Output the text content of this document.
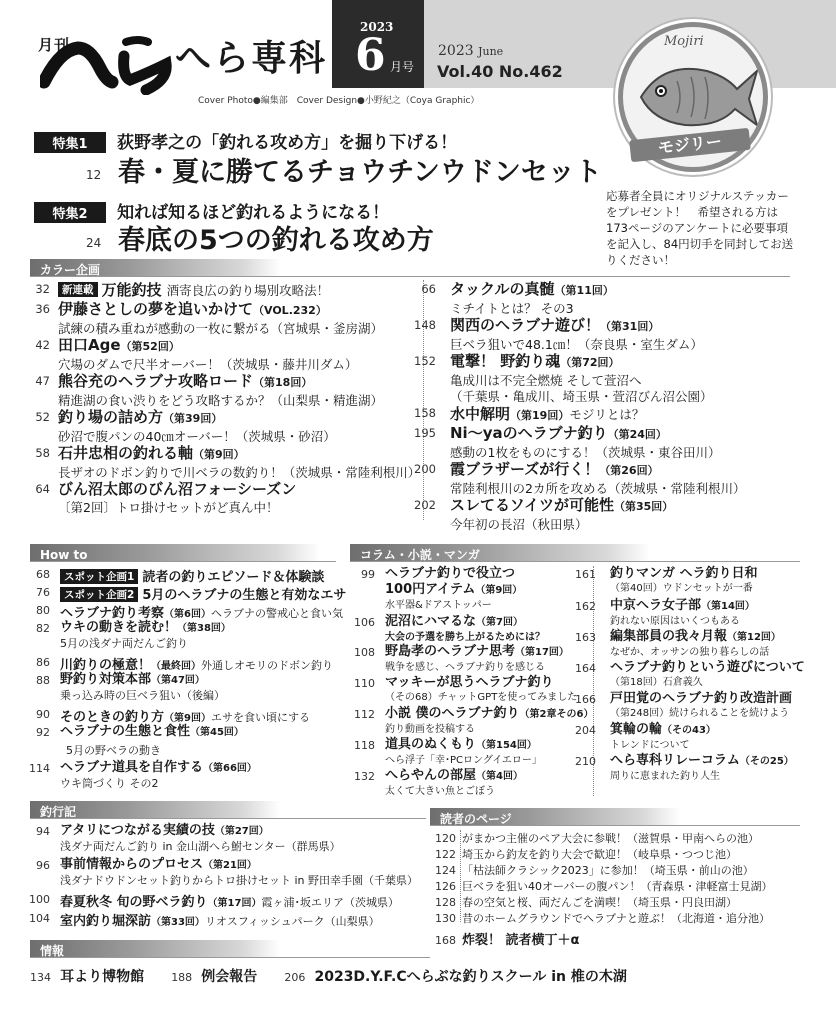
月刊	へら専科
Cover Photo●編集部　Cover Design●小野紀之（Coya Graphic）
2023
6 月号
2023 June
Vol.40 No.462
Mojiri
モジリー
応募者全員にオリジナルステッカーをプレゼント！　希望される方は173ページのアンケートに必要事項を記入し、84円切手を同封してお送りください！
特集1 荻野孝之の「釣れる攻め方」を掘り下げる！
12 春・夏に勝てるチョウチンウドンセット
特集2 知れば知るほど釣れるようになる！
24 春底の5つの釣れる攻め方
カラー企画
32	新連載 万能釣技 酒寄良広の釣り場別攻略法！
36 伊藤さとしの夢を追いかけて（VOL.232）
試練の積み重ねが感動の一枚に繋がる（宮城県・釜房湖）
42 田口Age（第52回）
穴場のダムで尺半オーバー！（茨城県・藤井川ダム）
47 熊谷充のヘラブナ攻略ロード（第18回）
精進湖の食い渋りをどう攻略するか？（山梨県・精進湖）
52 釣り場の詰め方（第39回）
砂沼で腹パンの40㎝オーバー！（茨城県・砂沼）
58 石井忠相の釣れる軸（第9回）
長ザオのドボン釣りで川ベラの数釣り！（茨城県・常陸利根川）
64 びん沼太郎のびん沼フォーシーズン
〔第2回〕トロ掛けセットがど真ん中！
66 タックルの真髄（第11回）
ミチイトとは？ その3
148 関西のヘラブナ遊び！（第31回）
巨ベラ狙いで48.1㎝！（奈良県・室生ダム）
152 電撃！ 野釣り魂（第72回）
亀成川は不完全燃焼 そして萱沼へ
（千葉県・亀成川、埼玉県・萱沼びん沼公園）
158 水中解明（第19回）モジリとは？
195 Ni～yaのヘラブナ釣り（第24回）
感動の1枚をものにする！（茨城県・東谷田川）
200 霞ブラザーズが行く！（第26回）
常陸利根川の2カ所を攻める（茨城県・常陸利根川）
202 スレてるソイツが可能性（第35回）
今年初の長沼（秋田県）
How to
68	スポット企画1 読者の釣りエピソード＆体験談
76	スポット企画2 5月のヘラブナの生態と有効なエサ
80 ヘラブナ釣り考察（第6回）ヘラブナの警戒心と食い気
82 ウキの動きを読む！（第38回）
5月の浅ダナ両だんご釣り
86 川釣りの極意！（最終回）外通しオモリのドボン釣り
88 野釣り対策本部（第47回）
乗っ込み時の巨ベラ狙い（後編）
90 そのときの釣り方（第9回）エサを食い頃にする
92 ヘラブナの生態と食性（第45回）
5月の野ベラの動き
114 ヘラブナ道具を自作する（第66回）
ウキ筒づくり その2
コラム・小説・マンガ
99 ヘラブナ釣りで役立つ
100円アイテム（第9回）
水平器&ドアストッパー
106 泥沼にハマるな（第7回）
大会の予選を勝ち上がるためには？
108 野島孝のヘラブナ思考（第17回）
戦争を感じ、ヘラブナ釣りを感じる
110 マッキーが思うヘラブナ釣り
（その68）チャットGPTを使ってみました
112 小説 僕のヘラブナ釣り（第2章その6）
釣り動画を投稿する
118 道具のぬくもり（第154回）
へら浮子「幸･PCロングイエロー」
132 へらやんの部屋（第4回）
太くて大きい魚とごぼう
161 釣りマンガ ヘラ釣り日和
（第40回）ウドンセットが一番
162 中京ヘラ女子部（第14回）
釣れない原因はいくつもある
163 編集部員の我々月報（第12回）
なぜか、オッサンの独り暮らしの話
164 ヘラブナ釣りという遊びについて
（第18回）石倉義久
166 戸田覚のヘラブナ釣り改造計画
（第248回）続けられることを続けよう
204 箕輪の輪（その43）
トレンドについて
210 へら専科リレーコラム（その25）
周りに恵まれた釣り人生
釣行記
94 アタリにつながる実績の技（第27回）
浅ダナ両だんご釣り in 金山湖へら鮒センター（群馬県）
96 事前情報からのプロセス（第21回）
浅ダナドウドンセット釣りからトロ掛けセット in 野田幸手園（千葉県）
100 春夏秋冬 旬の野ベラ釣り（第17回）霞ヶ浦･坂エリア（茨城県）
104 室内釣り堀深訪（第33回）リオスフィッシュパーク（山梨県）
読者のページ
120 がまかつ主催のペア大会に参戦！（滋賀県・甲南へらの池）
122 埼玉から釣友を釣り大会で歓迎！（岐阜県・つつじ池）
124 「枯法師クラシック2023」に参加！（埼玉県・前山の池）
126 巨ベラを狙い40オーバーの腹パン！（青森県・津軽富士見湖）
128 春の空気と桜、両だんごを満喫！（埼玉県・円良田湖）
130 昔のホームグラウンドでヘラブナと遊ぶ！（北海道・追分池）
168 炸裂！ 読者横丁＋α
情報
134 耳より博物館 188 例会報告 206 2023D.Y.F.Cへらぶな釣りスクール in 椎の木湖
